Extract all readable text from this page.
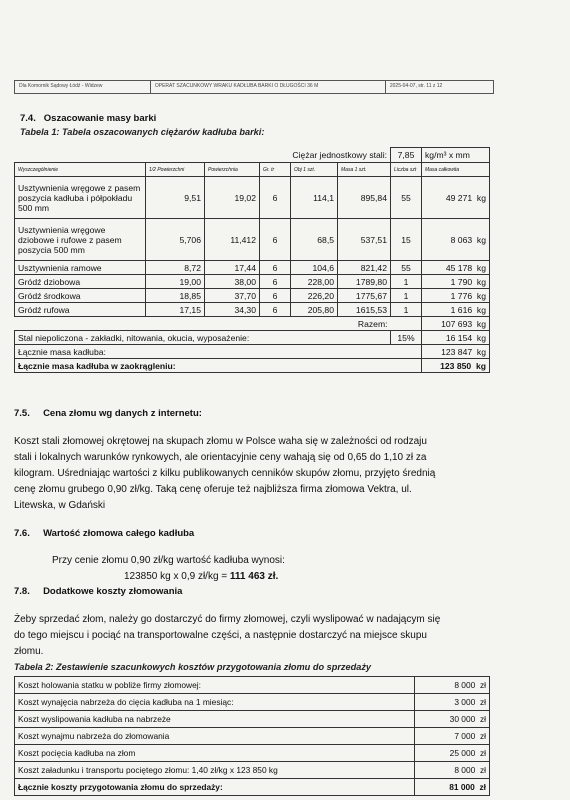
Dla Komornik Sądowy Łódź - Widzew	OPERAT SZACUNKOWY WRAKU KADŁUBA BARKI O DŁUGOŚCI 36 M	2025-04-07, str. 11 z 12
7.4. Oszacowanie masy barki
Tabela 1: Tabela oszacowanych ciężarów kadłuba barki:
Ciężar jednostkowy stali:						7,85	kg/m³ x mm
Wyszczególnienie	1/2 Powierzchni	Powierzchnia	Gr. tr	Obj 1 szt.	Masa 1 szt.	Liczba szt	Masa całkowita
Usztywnienia wręgowe z pasem poszycia kadłuba i półpokładu 500 mm	9,51	19,02	6	114,1	895,84	55	49 271 kg
Usztywnienia wręgowe dziobowe i rufowe z pasem poszycia 500 mm	5,706	11,412	6	68,5	537,51	15	8 063 kg
Usztywnienia ramowe	8,72	17,44	6	104,6	821,42	55	45 178 kg
Gródź dziobowa	19,00	38,00	6	228,00	1789,80	1	1 790 kg
Gródź środkowa	18,85	37,70	6	226,20	1775,67	1	1 776 kg
Gródź rufowa	17,15	34,30	6	205,80	1615,53	1	1 616 kg
Razem:							107 693 kg
Stal niepoliczona - zakładki, nitowania, okucia, wyposażenie:						15%	16 154 kg
Łącznie masa kadłuba:							123 847 kg
Łącznie masa kadłuba w zaokrągleniu:							123 850 kg
7.5. Cena złomu wg danych z internetu:
Koszt stali złomowej okrętowej na skupach złomu w Polsce waha się w zależności od rodzaju
stali i lokalnych warunków rynkowych, ale orientacyjnie ceny wahają się od 0,65 do 1,10 zł za
kilogram. Uśredniając wartości z kilku publikowanych cenników skupów złomu, przyjęto średnią
cenę złomu grubego 0,90 zł/kg. Taką cenę oferuje też najbliższa firma złomowa Vektra, ul.
Litewska, w Gdański
7.6. Wartość złomowa całego kadłuba
Przy cenie złomu 0,90 zł/kg wartość kadłuba wynosi:
123850 kg x 0,9 zł/kg = 111 463 zł.
7.8. Dodatkowe koszty złomowania
Żeby sprzedać złom, należy go dostarczyć do firmy złomowej, czyli wyslipować w nadającym się
do tego miejscu i pociąć na transportowalne części, a następnie dostarczyć na miejsce skupu
złomu.
Tabela 2: Zestawienie szacunkowych kosztów przygotowania złomu do sprzedaży
Koszt holowania statku w pobliże firmy złomowej:	8 000 zł
Koszt wynajęcia nabrzeża do cięcia kadłuba na 1 miesiąc:	3 000 zł
Koszt wyslipowania kadłuba na nabrzeże	30 000 zł
Koszt wynajmu nabrzeża do złomowania	7 000 zł
Koszt pocięcia kadłuba na złom	25 000 zł
Koszt załadunku i transportu pociętego złomu: 1,40 zł/kg x 123 850 kg	8 000 zł
Łącznie koszty przygotowania złomu do sprzedaży:	81 000 zł
